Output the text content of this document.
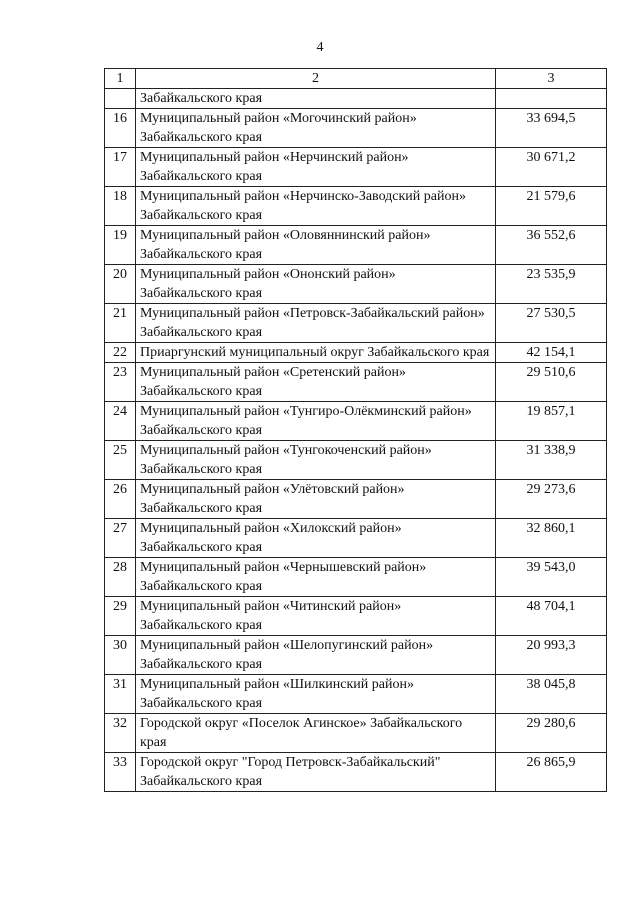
4
1	2	3
	Забайкальского края	
16	Муниципальный район «Могочинский район» Забайкальского края	33 694,5
17	Муниципальный район «Нерчинский район» Забайкальского края	30 671,2
18	Муниципальный район «Нерчинско-Заводский район» Забайкальского края	21 579,6
19	Муниципальный район «Оловяннинский район» Забайкальского края	36 552,6
20	Муниципальный район «Ононский район» Забайкальского края	23 535,9
21	Муниципальный район «Петровск-Забайкальский район» Забайкальского края	27 530,5
22	Приаргунский муниципальный округ Забайкальского края	42 154,1
23	Муниципальный район «Сретенский район» Забайкальского края	29 510,6
24	Муниципальный район «Тунгиро-Олёкминский район» Забайкальского края	19 857,1
25	Муниципальный район «Тунгокоченский район» Забайкальского края	31 338,9
26	Муниципальный район «Улётовский район» Забайкальского края	29 273,6
27	Муниципальный район «Хилокский район» Забайкальского края	32 860,1
28	Муниципальный район «Чернышевский район» Забайкальского края	39 543,0
29	Муниципальный район «Читинский район» Забайкальского края	48 704,1
30	Муниципальный район «Шелопугинский район» Забайкальского края	20 993,3
31	Муниципальный район «Шилкинский район» Забайкальского края	38 045,8
32	Городской округ «Поселок Агинское» Забайкальского края	29 280,6
33	Городской округ "Город Петровск-Забайкальский" Забайкальского края	26 865,9
